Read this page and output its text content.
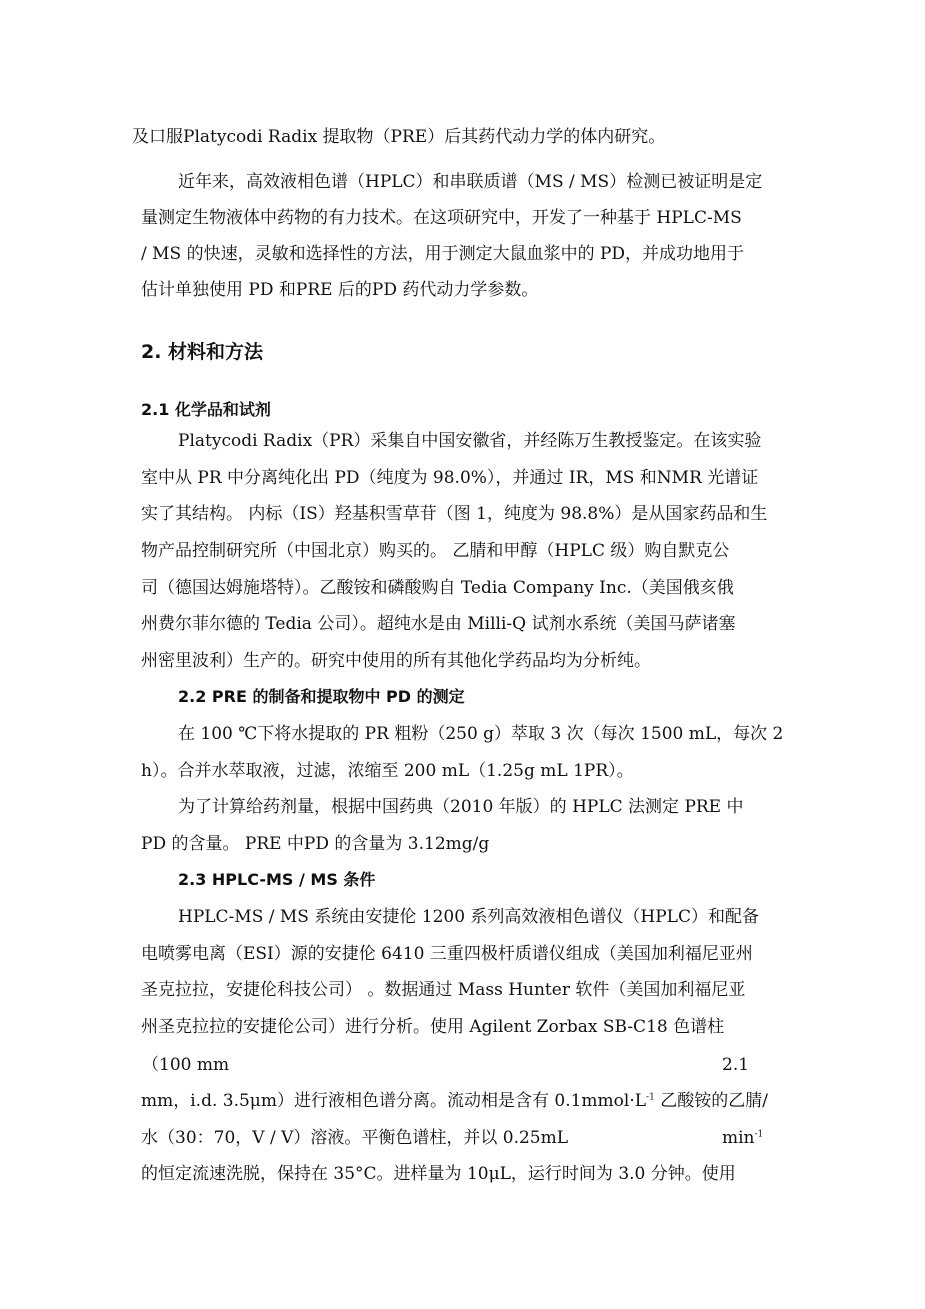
及口服Platycodi Radix 提取物（PRE）后其药代动力学的体内研究。
近年来，高效液相色谱（HPLC）和串联质谱（MS / MS）检测已被证明是定
量测定生物液体中药物的有力技术。在这项研究中，开发了一种基于 HPLC-MS
/ MS 的快速，灵敏和选择性的方法，用于测定大鼠血浆中的 PD，并成功地用于
估计单独使用 PD 和PRE 后的PD 药代动力学参数。
2. 材料和方法
2.1 化学品和试剂
Platycodi Radix（PR）采集自中国安徽省，并经陈万生教授鉴定。在该实验
室中从 PR 中分离纯化出 PD（纯度为 98.0%），并通过 IR，MS 和NMR 光谱证
实了其结构。 内标（IS）羟基积雪草苷（图 1，纯度为 98.8%）是从国家药品和生
物产品控制研究所（中国北京）购买的。 乙腈和甲醇（HPLC 级）购自默克公
司（德国达姆施塔特）。乙酸铵和磷酸购自 Tedia Company Inc.（美国俄亥俄
州费尔菲尔德的 Tedia 公司）。超纯水是由 Milli-Q 试剂水系统（美国马萨诸塞
州密里波利）生产的。研究中使用的所有其他化学药品均为分析纯。
2.2 PRE 的制备和提取物中 PD 的测定
在 100 ℃下将水提取的 PR 粗粉（250 g）萃取 3 次（每次 1500 mL，每次 2
h）。合并水萃取液，过滤，浓缩至 200 mL（1.25g mL 1PR）。
为了计算给药剂量，根据中国药典（2010 年版）的 HPLC 法测定 PRE 中
PD 的含量。 PRE 中PD 的含量为 3.12mg/g
2.3 HPLC-MS / MS 条件
HPLC-MS / MS 系统由安捷伦 1200 系列高效液相色谱仪（HPLC）和配备
电喷雾电离（ESI）源的安捷伦 6410 三重四极杆质谱仪组成（美国加利福尼亚州
圣克拉拉，安捷伦科技公司） 。数据通过 Mass Hunter 软件（美国加利福尼亚
州圣克拉拉的安捷伦公司）进行分析。使用 Agilent Zorbax SB-C18 色谱柱
（100 mm	2.1
mm，i.d. 3.5μm）进行液相色谱分离。流动相是含有 $0.1mmol\cdot L^{-1}$ 乙酸铵的乙腈/
水（30：70，V / V）溶液。平衡色谱柱，并以 0.25mL	$\min^{-1}$
的恒定流速洗脱，保持在 35°C。进样量为 10μL，运行时间为 3.0 分钟。使用
